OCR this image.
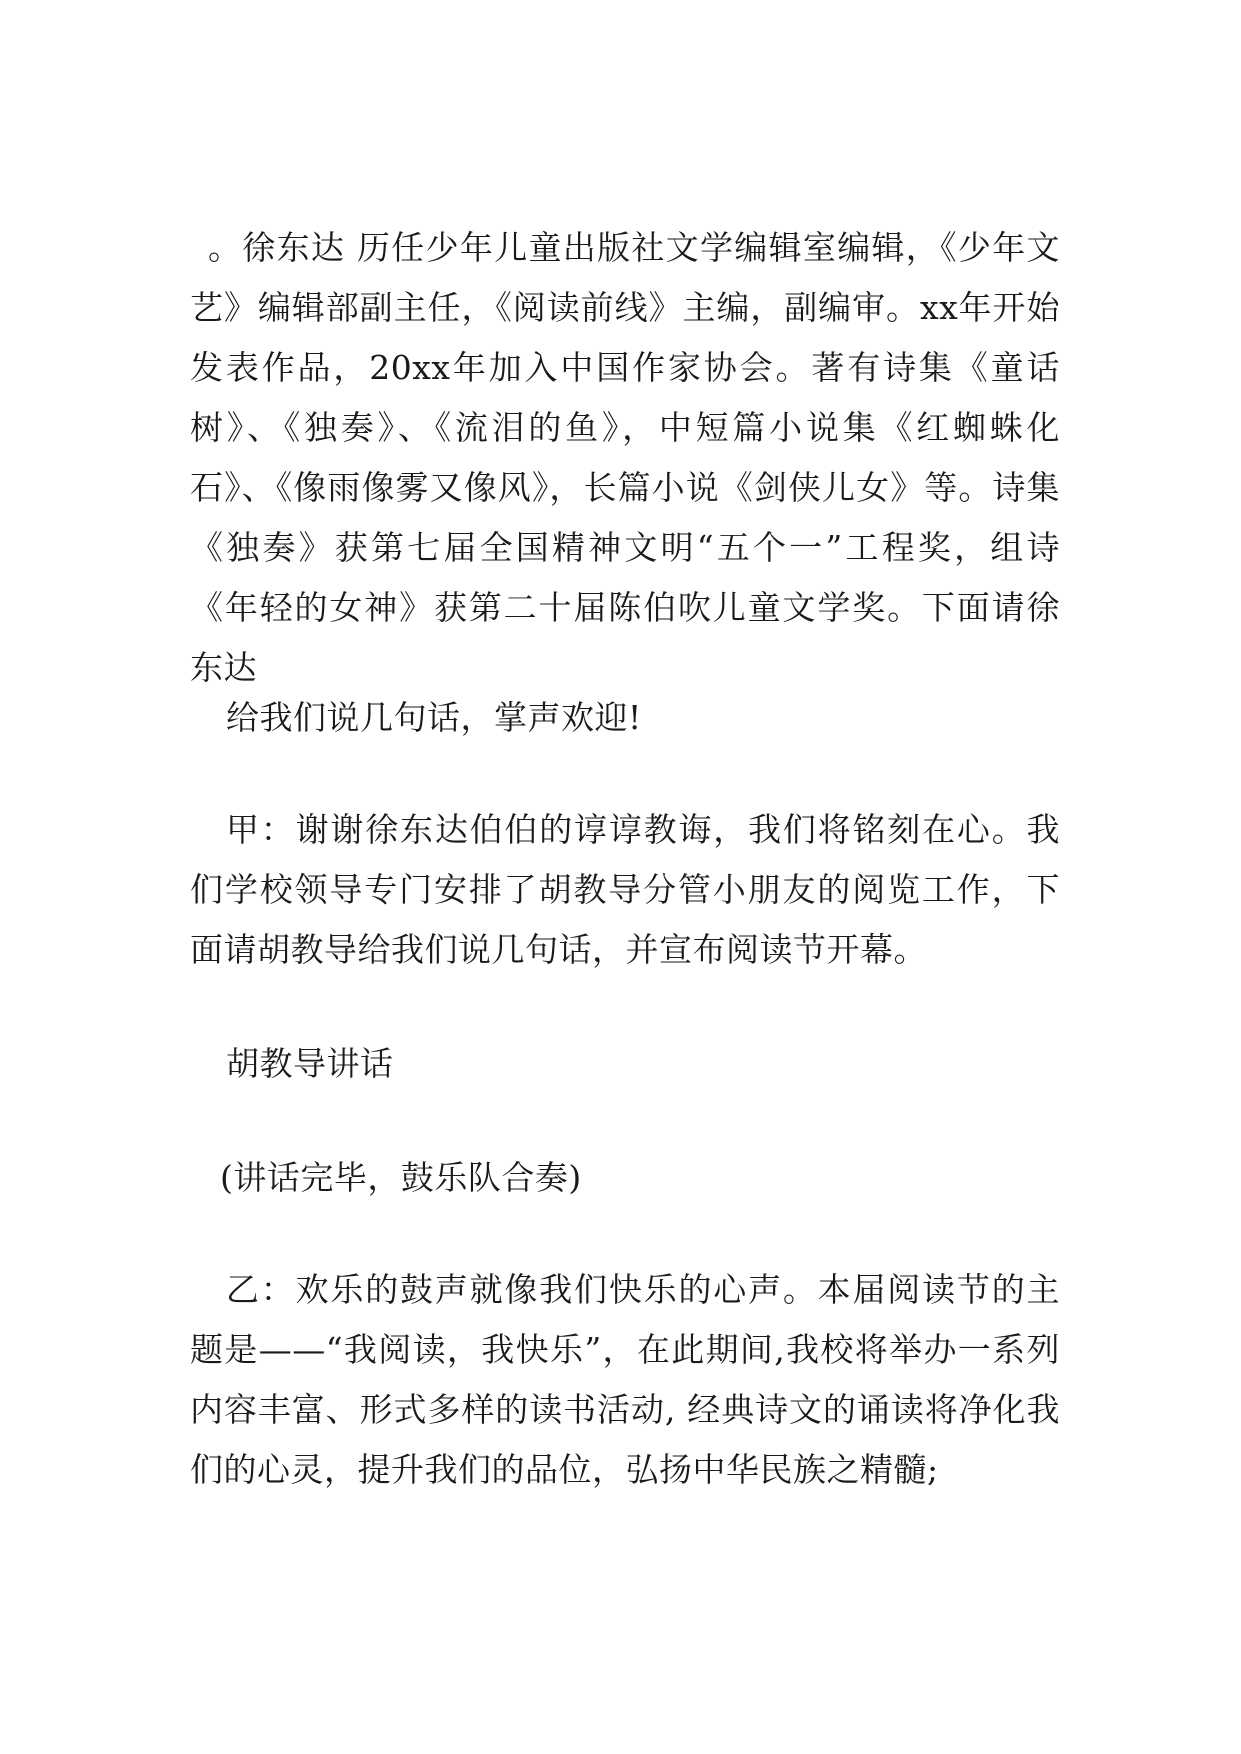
。徐东达 历任少年儿童出版社文学编辑室编辑，《少年文艺》编辑部副主任，《阅读前线》主编，副编审。xx年开始发表作品，20xx年加入中国作家协会。著有诗集《童话树》、《独奏》、《流泪的鱼》，中短篇小说集《红蜘蛛化石》、《像雨像雾又像风》，长篇小说《剑侠儿女》等。诗集《独奏》获第七届全国精神文明“五个一”工程奖，组诗《年轻的女神》获第二十届陈伯吹儿童文学奖。下面请徐东达

给我们说几句话，掌声欢迎!

甲：谢谢徐东达伯伯的谆谆教诲，我们将铭刻在心。我们学校领导专门安排了胡教导分管小朋友的阅览工作，下面请胡教导给我们说几句话，并宣布阅读节开幕。

胡教导讲话

(讲话完毕，鼓乐队合奏)

乙：欢乐的鼓声就像我们快乐的心声。本届阅读节的主题是——“我阅读，我快乐”，在此期间,我校将举办一系列内容丰富、形式多样的读书活动, 经典诗文的诵读将净化我们的心灵，提升我们的品位，弘扬中华民族之精髓;
